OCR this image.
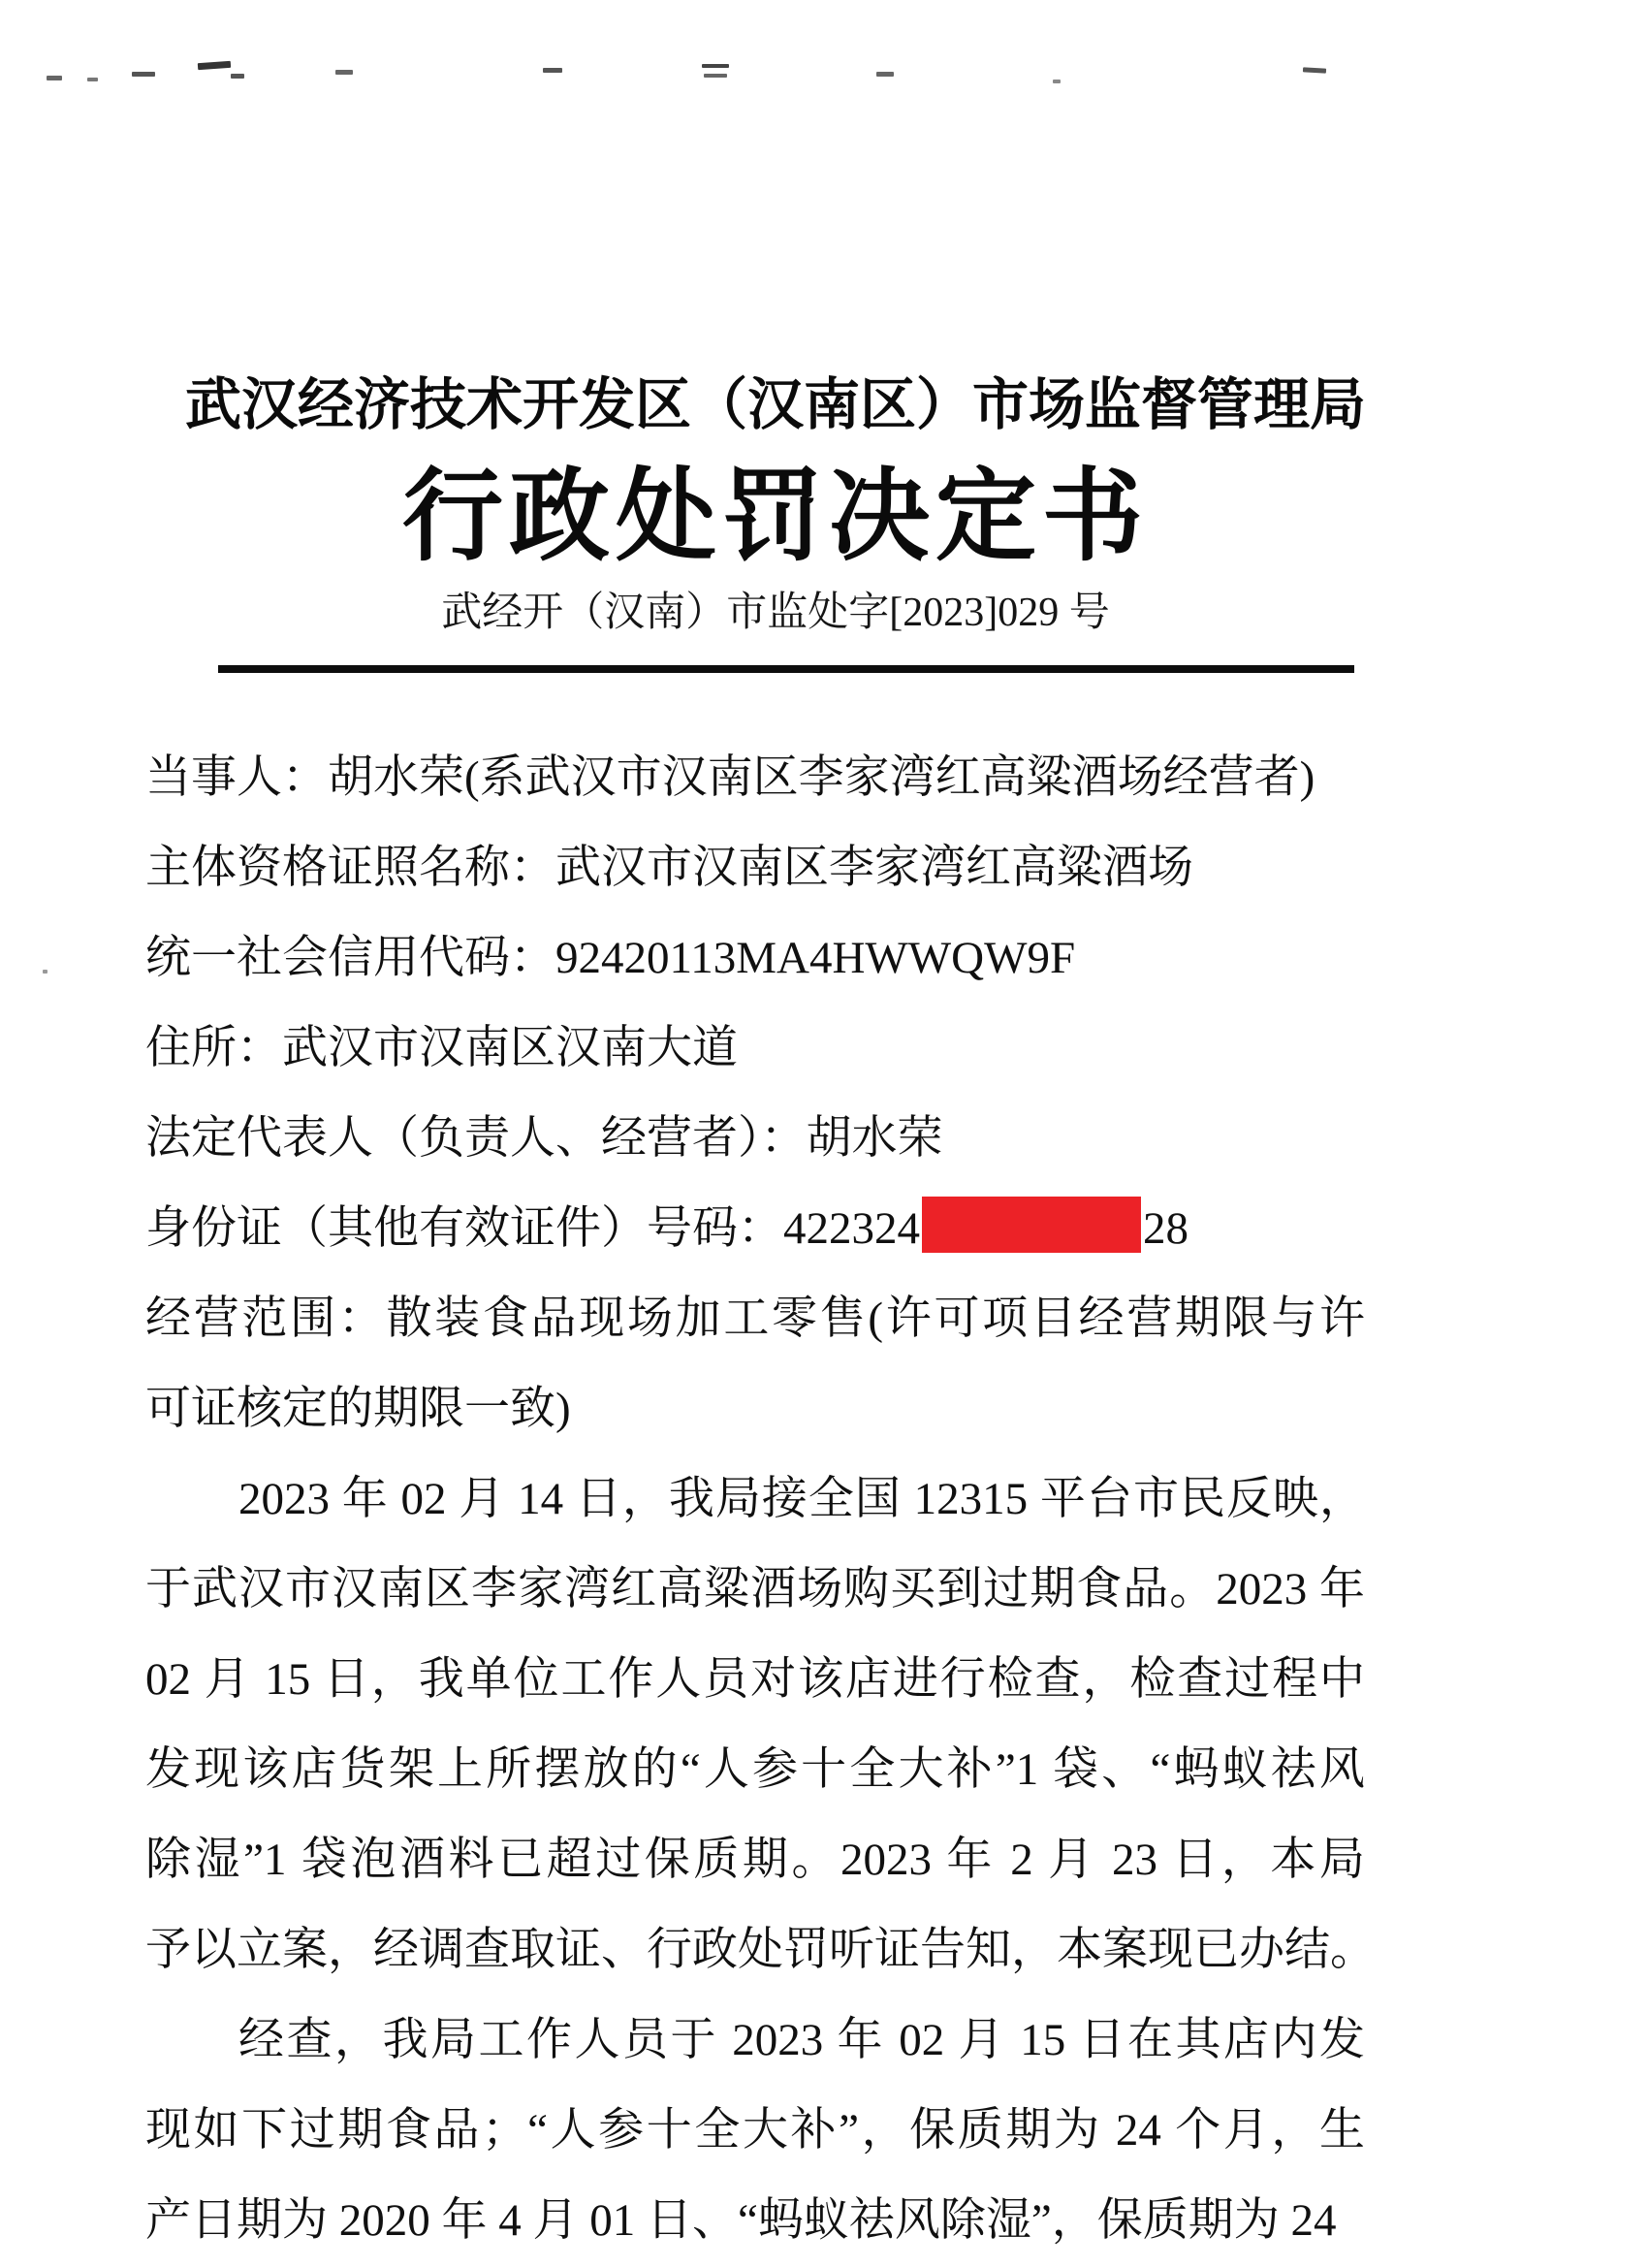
武汉经济技术开发区（汉南区）市场监督管理局
行政处罚决定书
武经开（汉南）市监处字[2023]029 号
当事人：胡水荣(系武汉市汉南区李家湾红高粱酒场经营者)
主体资格证照名称：武汉市汉南区李家湾红高粱酒场
统一社会信用代码：92420113MA4HWWQW9F
住所：武汉市汉南区汉南大道
法定代表人（负责人、经营者）：胡水荣
身份证（其他有效证件）号码：422324	28
经营范围：散装食品现场加工零售(许可项目经营期限与许
可证核定的期限一致)
2023 年 02 月 14 日，我局接全国 12315 平台市民反映，
于武汉市汉南区李家湾红高粱酒场购买到过期食品。2023 年
02 月 15 日，我单位工作人员对该店进行检查，检查过程中
发现该店货架上所摆放的“人参十全大补”1 袋、“蚂蚁祛风
除湿”1 袋泡酒料已超过保质期。2023 年 2 月 23 日，本局
予以立案，经调查取证、行政处罚听证告知，本案现已办结。
经查，我局工作人员于 2023 年 02 月 15 日在其店内发
现如下过期食品；“人参十全大补”，保质期为 24 个月，生
产日期为 2020 年 4 月 01 日、“蚂蚁祛风除湿”，保质期为 24
